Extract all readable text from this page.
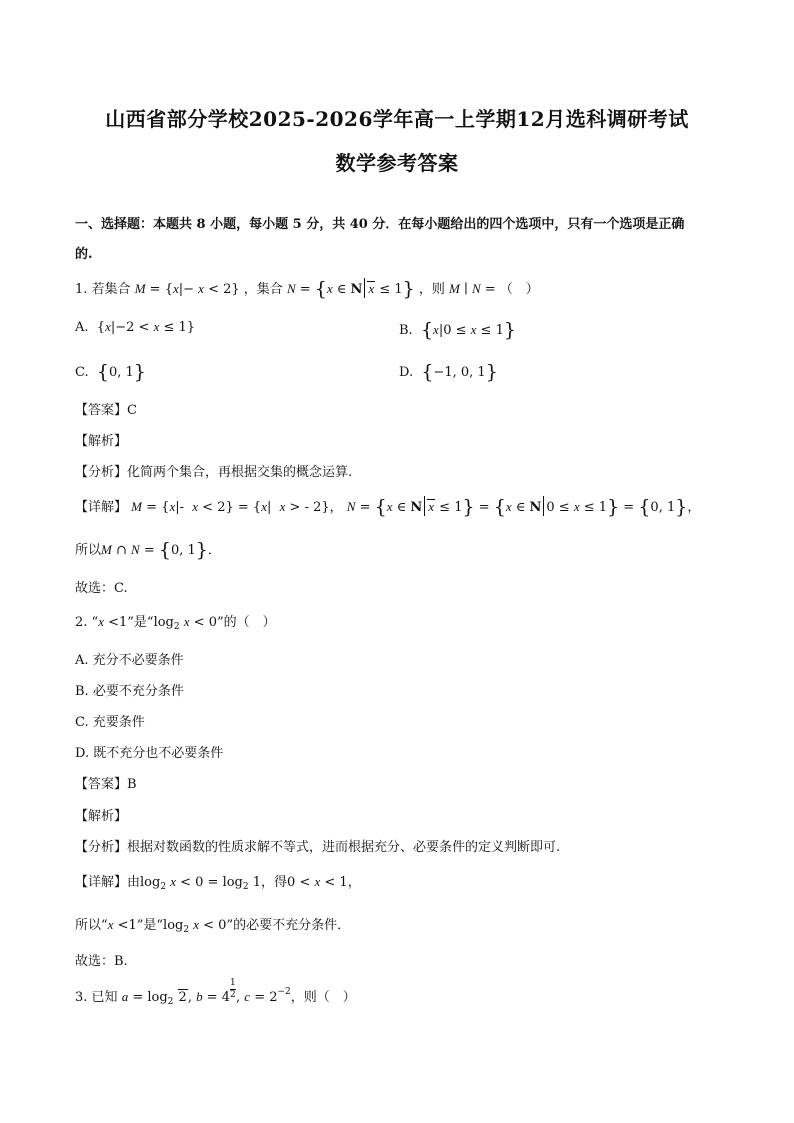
山西省部分学校2025-2026学年高一上学期12月选科调研考试
数学参考答案
一、选择题：本题共 8 小题，每小题 5 分，共 40 分．在每小题给出的四个选项中，只有一个选项是正确
的.
1. 若集合 M = {x|− x < 2} ，集合 N = {x ∈ N x ≤ 1} ，则 M ∣ N = （　）
A.  {x|−2 < x ≤ 1}	B. {x|0 ≤ x ≤ 1}
C. {0, 1}	D. {−1, 0, 1}
【答案】C
【解析】
【分析】化简两个集合，再根据交集的概念运算.
【详解】 M = {x|-  x < 2} = {x|  x > - 2}， N = {x ∈ N x ≤ 1} = {x ∈ N 0 ≤ x ≤ 1} = {0, 1}，
所以M ∩ N = {0, 1}．
故选：C.
2. “x <1”是“$\log_2$ x < 0”的（　）
A. 充分不必要条件
B. 必要不充分条件
C. 充要条件
D. 既不充分也不必要条件
【答案】B
【解析】
【分析】根据对数函数的性质求解不等式，进而根据充分、必要条件的定义判断即可.
【详解】由$\log_2 x < 0 = \log_2 1$，得0 < x < 1，
所以“x <1”是“$\log_2$ x < 0”的必要不充分条件．
故选：B.
3. 已知 $a = \log_2 2$, $b = 4 \frac{1}{2}$ , $c = 2^{-2}$，则（　）
